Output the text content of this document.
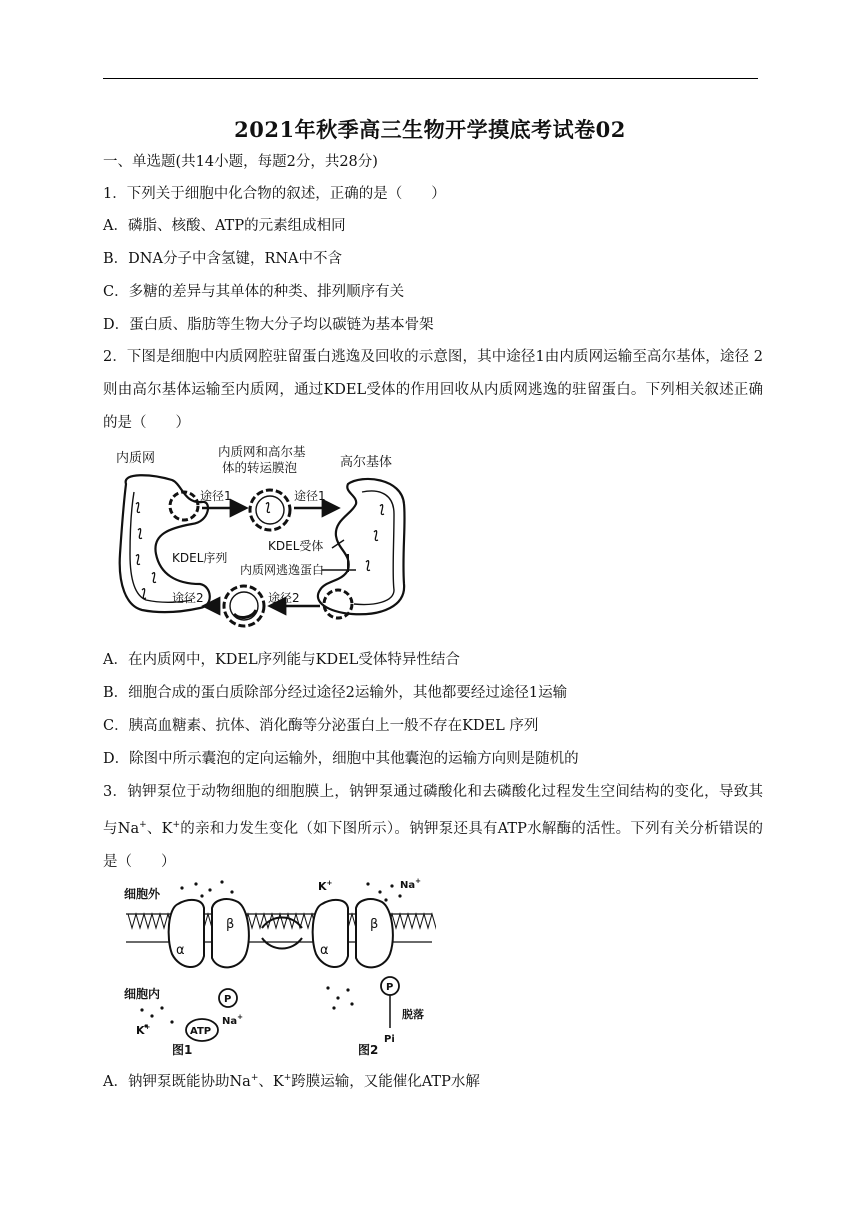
2021年秋季高三生物开学摸底考试卷02
一、单选题(共14小题，每题2分，共28分)
1．下列关于细胞中化合物的叙述，正确的是（　　）
A．磷脂、核酸、ATP的元素组成相同
B．DNA分子中含氢键，RNA中不含
C．多糖的差异与其单体的种类、排列顺序有关
D．蛋白质、脂肪等生物大分子均以碳链为基本骨架
2．下图是细胞中内质网腔驻留蛋白逃逸及回收的示意图，其中途径1由内质网运输至高尔基体，途径 2则由高尔基体运输至内质网，通过KDEL受体的作用回收从内质网逃逸的驻留蛋白。下列相关叙述正确的是（　　）
内质网	内质网和高尔基
体的转运膜泡	高尔基体
途径1	途径1
KDEL受体
KDEL序列
内质网逃逸蛋白
途径2
途径2
A．在内质网中，KDEL序列能与KDEL受体特异性结合
B．细胞合成的蛋白质除部分经过途径2运输外，其他都要经过途径1运输
C．胰高血糖素、抗体、消化酶等分泌蛋白上一般不存在KDEL 序列
D．除图中所示囊泡的定向运输外，细胞中其他囊泡的运输方向则是随机的
3．钠钾泵位于动物细胞的细胞膜上，钠钾泵通过磷酸化和去磷酸化过程发生空间结构的变化，导致其与Na+、K+的亲和力发生变化（如下图所示）。钠钾泵还具有ATP水解酶的活性。下列有关分析错误的是（　　）
细胞外
细胞内
α
β
α
β
P
P
ATP
Na+
K+
K+	Na+
脱落
Pi
图1	图2
A．钠钾泵既能协助Na+、K+跨膜运输，又能催化ATP水解
